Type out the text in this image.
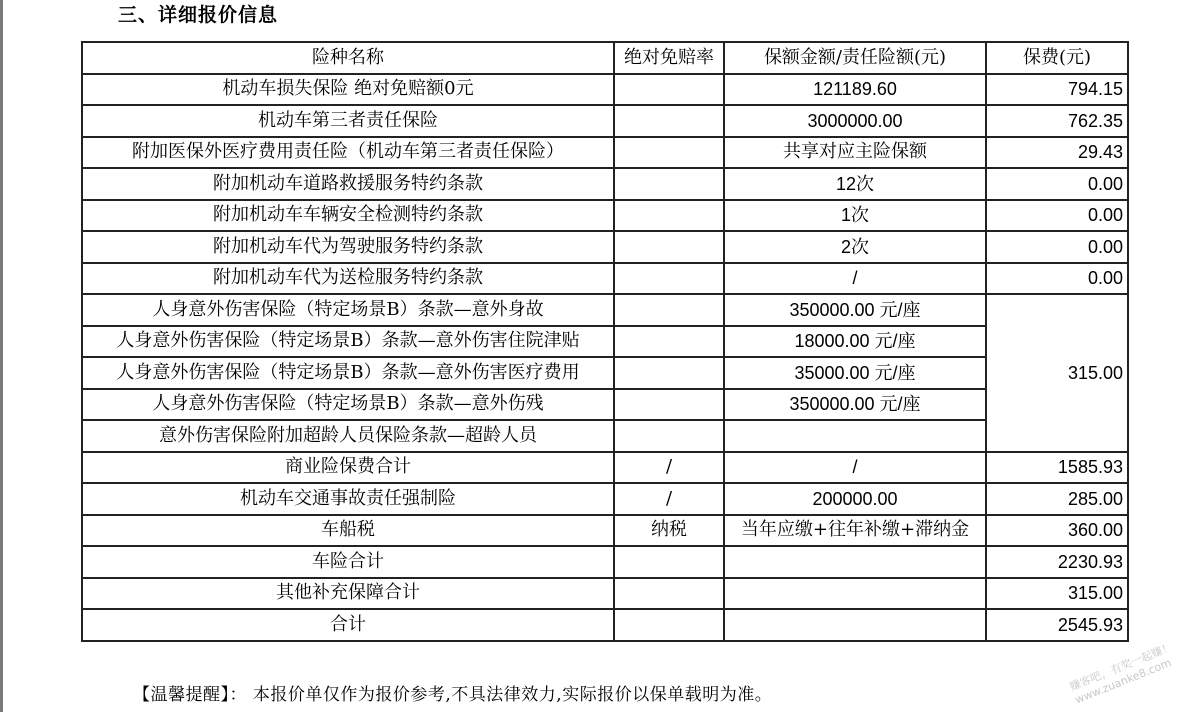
三、详细报价信息
险种名称	绝对免赔率	保额金额/责任险额(元)	保费(元)
机动车损失保险 绝对免赔额0元		121189.60	794.15
机动车第三者责任保险		3000000.00	762.35
附加医保外医疗费用责任险（机动车第三者责任保险）		共享对应主险保额	29.43
附加机动车道路救援服务特约条款		12次	0.00
附加机动车车辆安全检测特约条款		1次	0.00
附加机动车代为驾驶服务特约条款		2次	0.00
附加机动车代为送检服务特约条款		/	0.00
人身意外伤害保险（特定场景B）条款—意外身故		350000.00 元/座	315.00
人身意外伤害保险（特定场景B）条款—意外伤害住院津贴		18000.00 元/座	
人身意外伤害保险（特定场景B）条款—意外伤害医疗费用		35000.00 元/座	
人身意外伤害保险（特定场景B）条款—意外伤残		350000.00 元/座	
意外伤害保险附加超龄人员保险条款—超龄人员			
商业险保费合计	/	/	1585.93
机动车交通事故责任强制险	/	200000.00	285.00
车船税	纳税	当年应缴+往年补缴+滞纳金	360.00
车险合计			2230.93
其他补充保障合计			315.00
合计			2545.93
赚客吧，有奖一起赚！ www.zuanke8.com
【温馨提醒】： 本报价单仅作为报价参考,不具法律效力,实际报价以保单载明为准。
